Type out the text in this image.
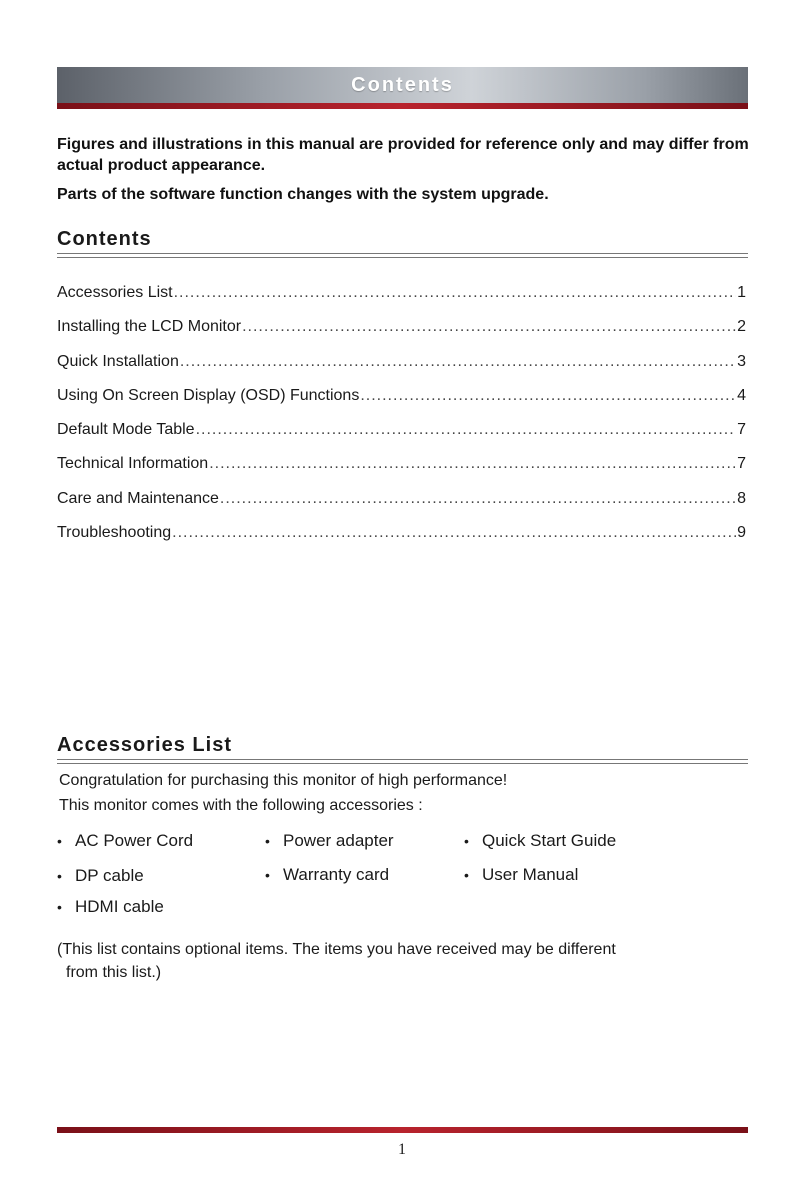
Contents

Figures and illustrations in this manual are provided for reference only and may differ from actual product appearance.

Parts of the software function changes with the system upgrade.

Contents
Accessories List .....	1
Installing the LCD Monitor .....	2
Quick Installation .....	3
Using On Screen Display (OSD) Functions .....	4
Default Mode Table .....	7
Technical Information .....	7
Care and Maintenance .....	8
Troubleshooting .....	9
Accessories List

Congratulation for purchasing this monitor of high performance!

This monitor comes with the following accessories :

• AC Power Cord	• Power adapter	• Quick Start Guide
• DP cable	• Warranty card	• User Manual
• HDMI cable

(This list contains optional items. The items you have received may be different

from this list.)

1
